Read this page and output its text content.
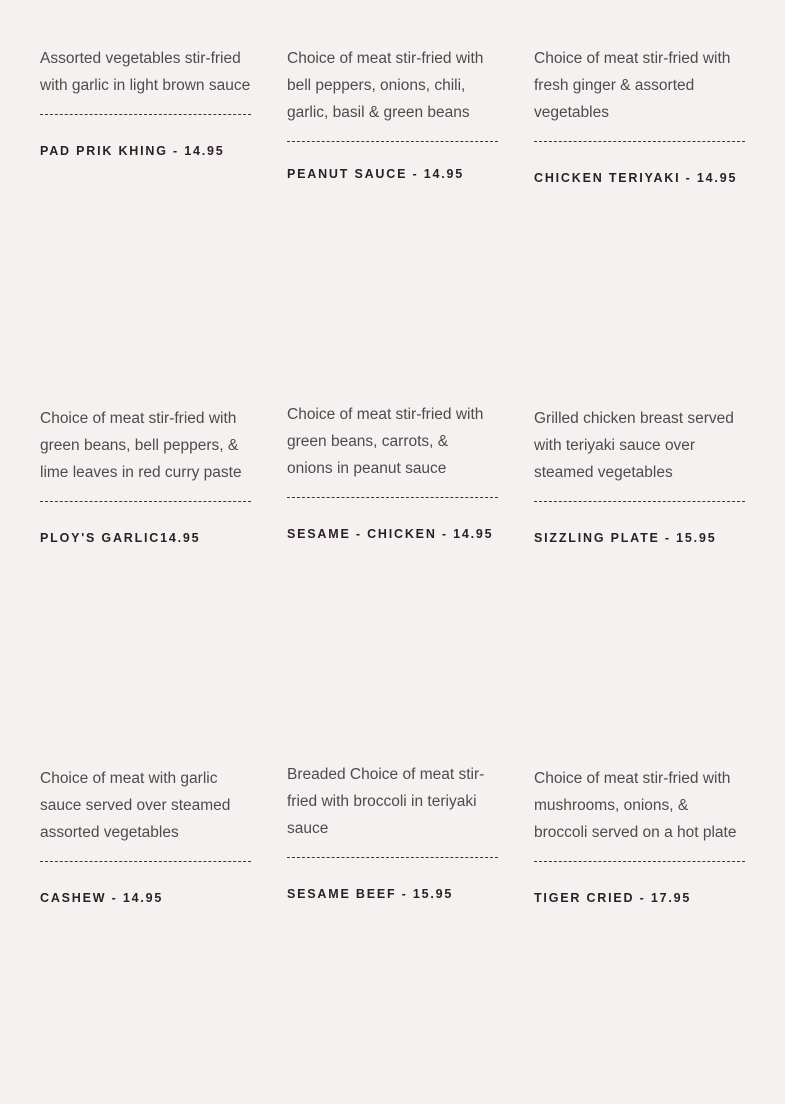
Assorted vegetables stir-fried with garlic in light brown sauce

PAD PRIK KHING - 14.95

Choice of meat stir-fried with bell peppers, onions, chili, garlic, basil & green beans

PEANUT SAUCE - 14.95

Choice of meat stir-fried with fresh ginger & assorted vegetables

CHICKEN TERIYAKI - 14.95

Choice of meat stir-fried with green beans, bell peppers, & lime leaves in red curry paste

PLOY'S GARLIC14.95

Choice of meat stir-fried with green beans, carrots, & onions in peanut sauce

SESAME - CHICKEN - 14.95

Grilled chicken breast served with teriyaki sauce over steamed vegetables

SIZZLING PLATE - 15.95

Choice of meat with garlic sauce served over steamed assorted vegetables

CASHEW - 14.95

Breaded Choice of meat stir-fried with broccoli in teriyaki sauce

SESAME BEEF - 15.95

Choice of meat stir-fried with mushrooms, onions, & broccoli served on a hot plate

TIGER CRIED - 17.95
